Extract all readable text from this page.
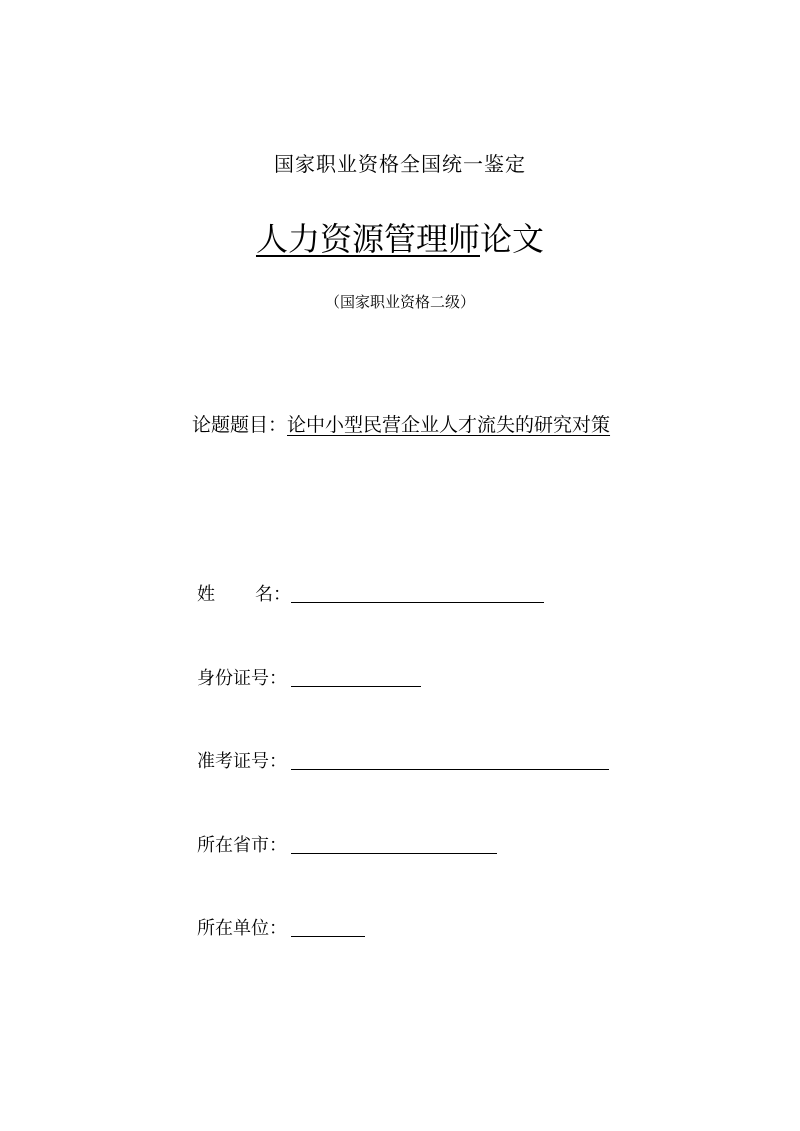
国家职业资格全国统一鉴定
人力资源管理师论文
（国家职业资格二级）
论题题目：论中小型民营企业人才流失的研究对策
姓 名：
身份证号：
准考证号：
所在省市：
所在单位：
